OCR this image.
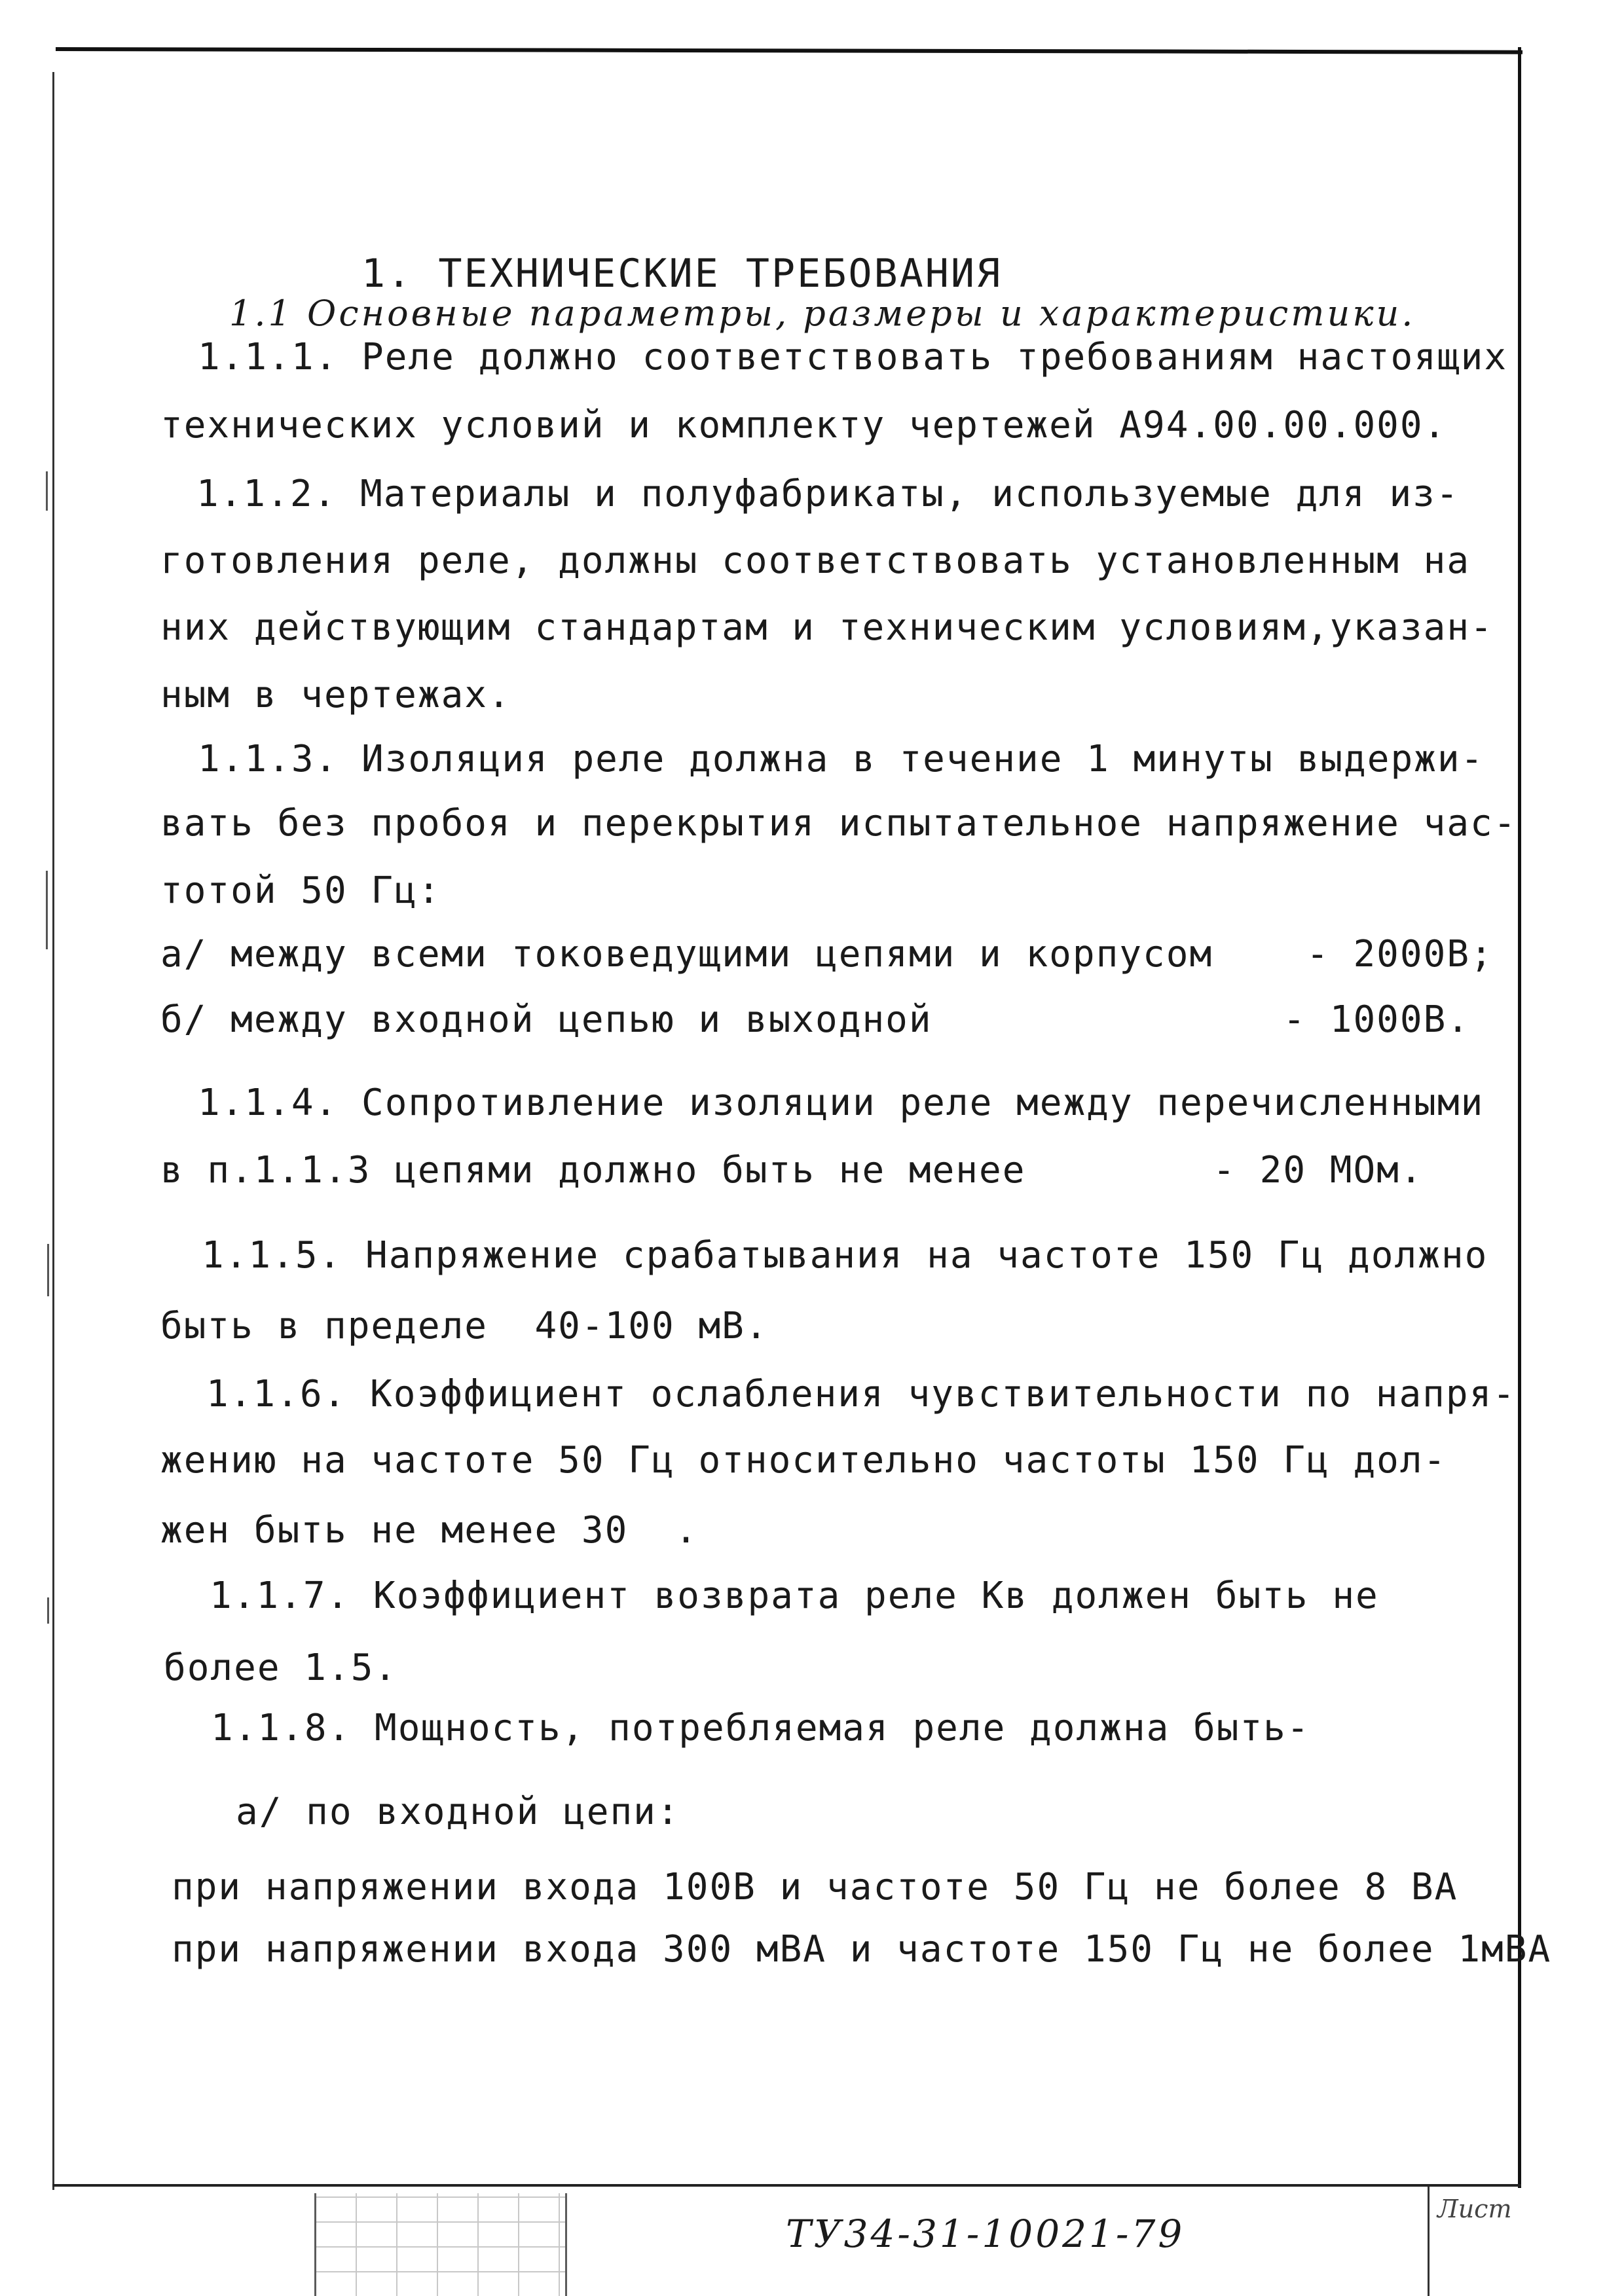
1. ТЕХНИЧЕСКИЕ ТРЕБОВАНИЯ
1.1 Основные параметры, размеры и характеристики.
1.1.1. Реле должно соответствовать требованиям настоящих
технических условий и комплекту чертежей А94.00.00.000.
1.1.2. Материалы и полуфабрикаты, используемые для из-
готовления реле, должны соответствовать установленным на
них действующим стандартам и техническим условиям,указан-
ным в чертежах.
1.1.3. Изоляция реле должна в течение 1 минуты выдержи-
вать без пробоя и перекрытия испытательное напряжение час-
тотой 50 Гц:
а/ между всеми токоведущими цепями и корпусом    - 2000В;
б/ между входной цепью и выходной               - 1000В.
1.1.4. Сопротивление изоляции реле между перечисленными
в п.1.1.3 цепями должно быть не менее        - 20 МОм.
1.1.5. Напряжение срабатывания на частоте 150 Гц должно
быть в пределе  40-100 мВ.
1.1.6. Коэффициент ослабления чувствительности по напря-
жению на частоте 50 Гц относительно частоты 150 Гц дол-
жен быть не менее 30  .
1.1.7. Коэффициент возврата реле Кв должен быть не
более 1.5.
1.1.8. Мощность, потребляемая реле должна быть-
а/ по входной цепи:
при напряжении входа 100В и частоте 50 Гц не более 8 ВА
при напряжении входа 300 мВА и частоте 150 Гц не более 1мВА
ТУ34-31-10021-79
Лист
